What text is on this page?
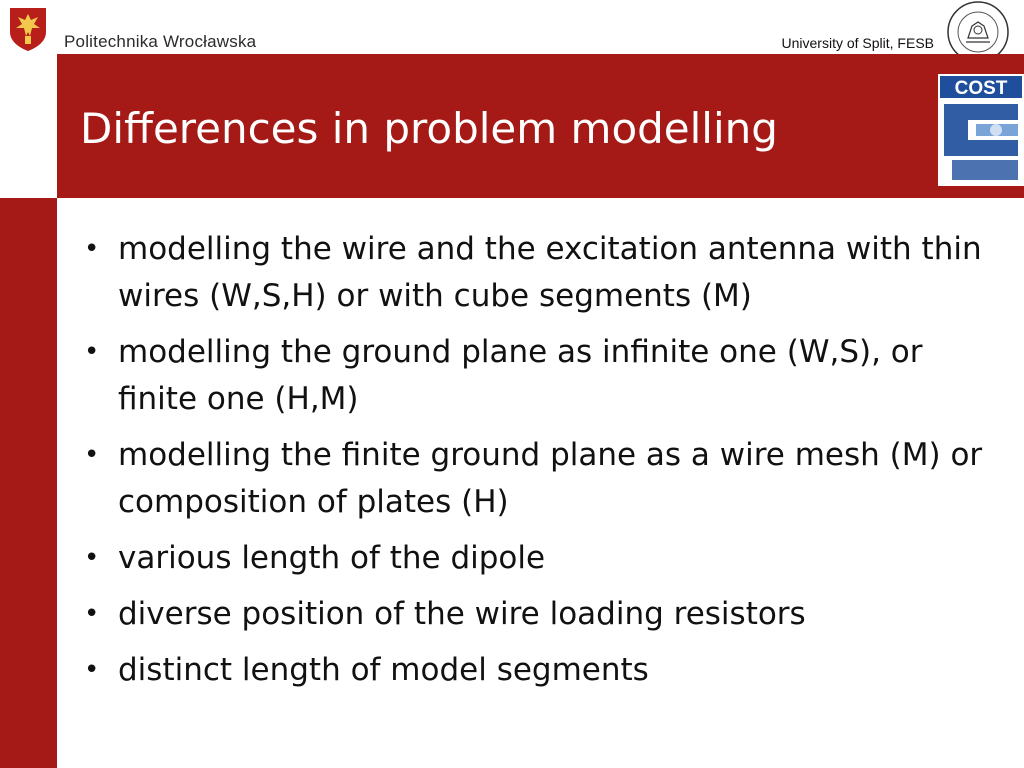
Politechnika Wrocławska	University of Split, FESB
Differences in problem modelling
COST
• modelling the wire and the excitation antenna with thin wires (W,S,H) or with cube segments (M)
• modelling the ground plane as infinite one (W,S), or finite one (H,M)
• modelling the finite ground plane as a wire mesh (M) or composition of plates (H)
• various length of the dipole
• diverse position of the wire loading resistors
• distinct length of model segments
